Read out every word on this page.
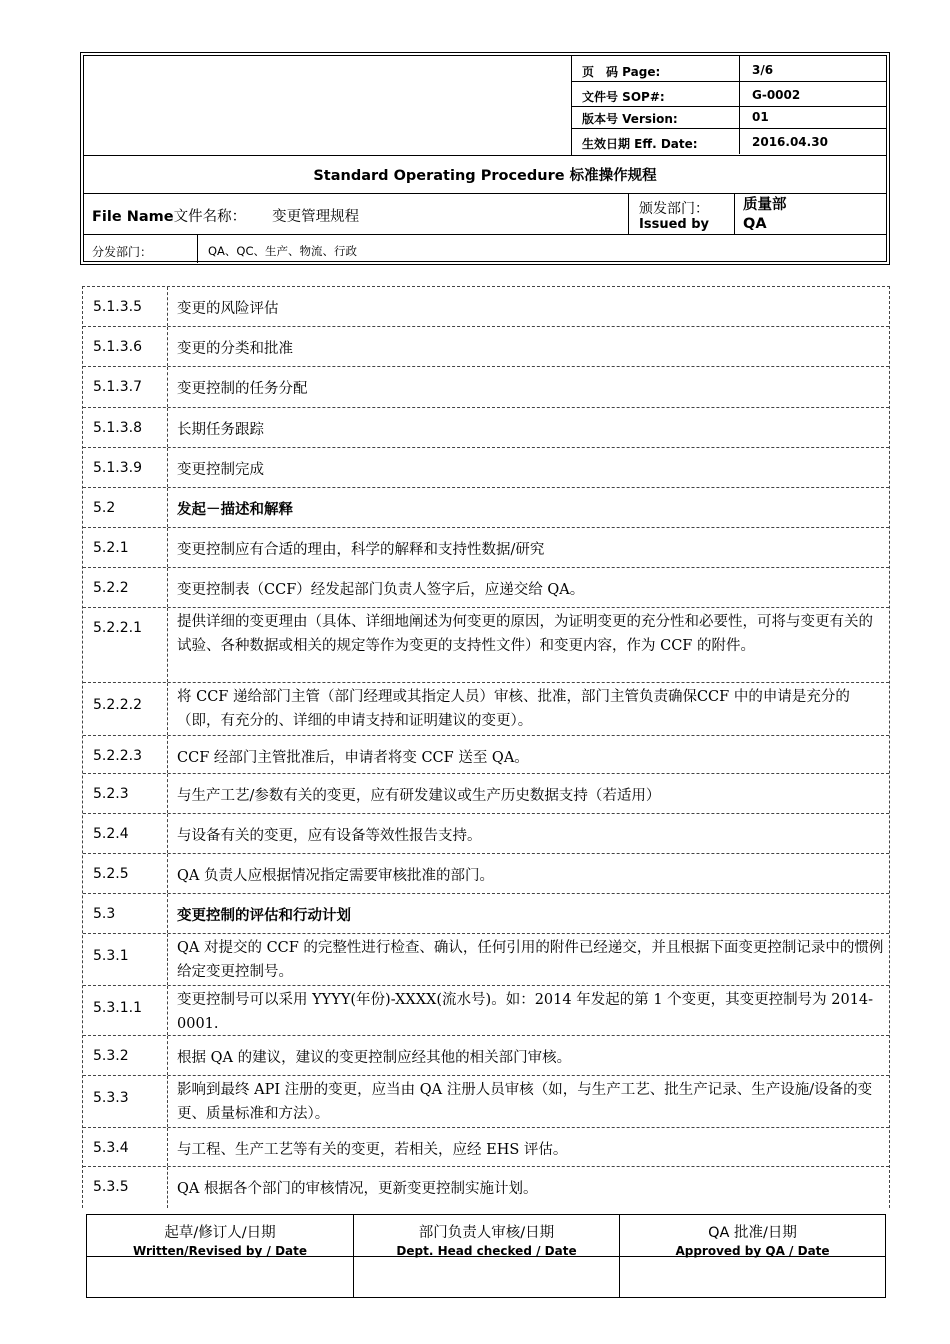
页　码 Page:	3/6
文件号 SOP#:	G-0002
版本号 Version:	01
生效日期 Eff. Date:	2016.04.30
Standard Operating Procedure 标准操作规程
File Name文件名称： 变更管理规程	颁发部门：
Issued by
质量部
QA
分发部门：	QA、QC、生产、物流、行政
5.1.3.5 变更的风险评估
5.1.3.6 变更的分类和批准
5.1.3.7 变更控制的任务分配
5.1.3.8 长期任务跟踪
5.1.3.9 变更控制完成
5.2	发起－描述和解释
5.2.1	变更控制应有合适的理由，科学的解释和支持性数据/研究
5.2.2	变更控制表（CCF）经发起部门负责人签字后，应递交给 QA。
5.2.2.1 提供详细的变更理由（具体、详细地阐述为何变更的原因，为证明变更的充分性和必要性，可将与变更有关的试验、各种数据或相关的规定等作为变更的支持性文件）和变更内容，作为 CCF 的附件。
5.2.2.2 将 CCF 递给部门主管（部门经理或其指定人员）审核、批准，部门主管负责确保CCF 中的申请是充分的（即，有充分的、详细的申请支持和证明建议的变更）。
5.2.2.3 CCF 经部门主管批准后，申请者将变 CCF 送至 QA。
5.2.3	与生产工艺/参数有关的变更，应有研发建议或生产历史数据支持（若适用）
5.2.4	与设备有关的变更，应有设备等效性报告支持。
5.2.5	QA 负责人应根据情况指定需要审核批准的部门。
5.3	变更控制的评估和行动计划
5.3.1	QA 对提交的 CCF 的完整性进行检查、确认，任何引用的附件已经递交，并且根据下面变更控制记录中的惯例给定变更控制号。
5.3.1.1 变更控制号可以采用 YYYY(年份)-XXXX(流水号)。如：2014 年发起的第 1 个变更，其变更控制号为 2014-0001.
5.3.2	根据 QA 的建议，建议的变更控制应经其他的相关部门审核。
5.3.3	影响到最终 API 注册的变更，应当由 QA 注册人员审核（如，与生产工艺、批生产记录、生产设施/设备的变更、质量标准和方法）。
5.3.4	与工程、生产工艺等有关的变更，若相关，应经 EHS 评估。
5.3.5	QA 根据各个部门的审核情况，更新变更控制实施计划。
起草/修订人/日期
Written/Revised by / Date
部门负责人审核/日期
Dept. Head checked / Date
QA 批准/日期
Approved by QA / Date
